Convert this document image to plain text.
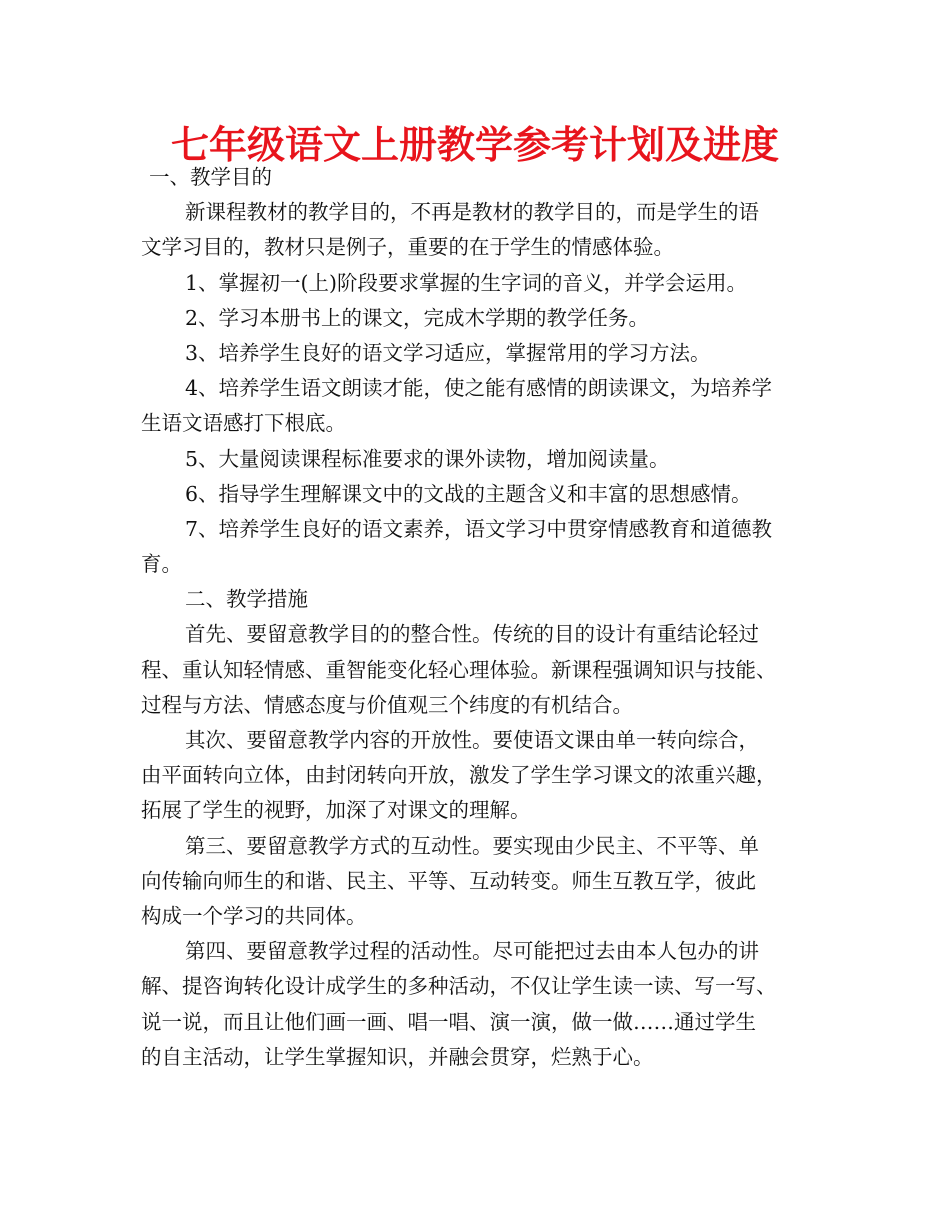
七年级语文上册教学参考计划及进度
一、教学目的
新课程教材的教学目的，不再是教材的教学目的，而是学生的语
文学习目的，教材只是例子，重要的在于学生的情感体验。
1、掌握初一(上)阶段要求掌握的生字词的音义，并学会运用。
2、学习本册书上的课文，完成木学期的教学任务。
3、培养学生良好的语文学习适应，掌握常用的学习方法。
4、培养学生语文朗读才能，使之能有感情的朗读课文，为培养学
生语文语感打下根底。
5、大量阅读课程标准要求的课外读物，增加阅读量。
6、指导学生理解课文中的文战的主题含义和丰富的思想感情。
7、培养学生良好的语文素养，语文学习中贯穿情感教育和道德教
育。
二、教学措施
首先、要留意教学目的的整合性。传统的目的设计有重结论轻过
程、重认知轻情感、重智能变化轻心理体验。新课程强调知识与技能、
过程与方法、情感态度与价值观三个纬度的有机结合。
其次、要留意教学内容的开放性。要使语文课由单一转向综合，
由平面转向立体，由封闭转向开放，激发了学生学习课文的浓重兴趣，
拓展了学生的视野，加深了对课文的理解。
第三、要留意教学方式的互动性。要实现由少民主、不平等、单
向传输向师生的和谐、民主、平等、互动转变。师生互教互学，彼此
构成一个学习的共同体。
第四、要留意教学过程的活动性。尽可能把过去由本人包办的讲
解、提咨询转化设计成学生的多种活动，不仅让学生读一读、写一写、
说一说，而且让他们画一画、唱一唱、演一演，做一做……通过学生
的自主活动，让学生掌握知识，并融会贯穿，烂熟于心。
